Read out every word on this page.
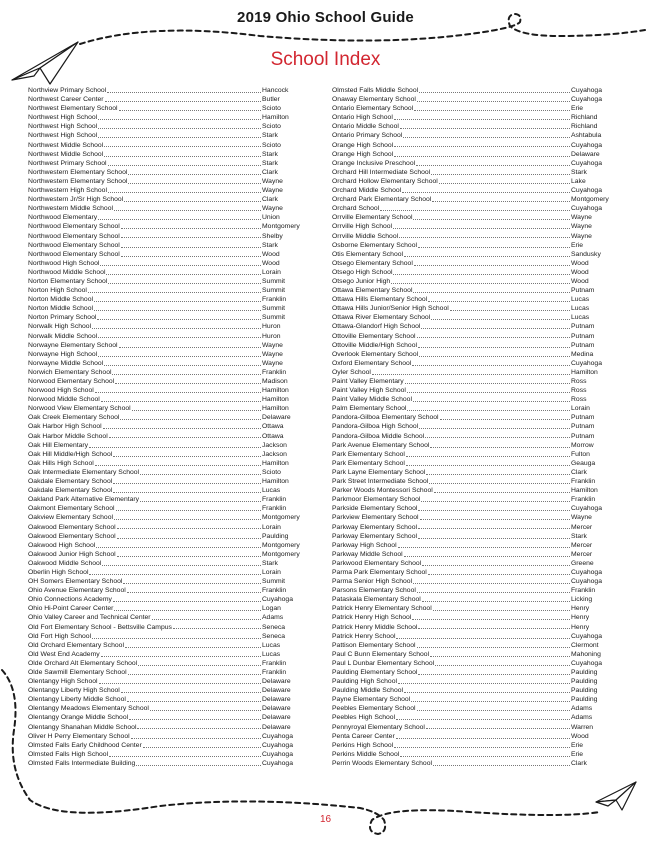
2019 Ohio School Guide
School Index
Northview Primary School	Hancock
Northwest Career Center	Butler
Northwest Elementary School	Scioto
Northwest High School	Hamilton
Northwest High School	Scioto
Northwest High School	Stark
Northwest Middle School	Scioto
Northwest Middle School	Stark
Northwest Primary School	Stark
Northwestern Elementary School	Clark
Northwestern Elementary School	Wayne
Northwestern High School	Wayne
Northwestern Jr/Sr High School	Clark
Northwestern Middle School	Wayne
Northwood Elementary	Union
Northwood Elementary School	Montgomery
Northwood Elementary School	Shelby
Northwood Elementary School	Stark
Northwood Elementary School	Wood
Northwood High School	Wood
Northwood Middle School	Lorain
Norton Elementary School	Summit
Norton High School	Summit
Norton Middle School	Franklin
Norton Middle School	Summit
Norton Primary School	Summit
Norwalk High School	Huron
Norwalk Middle School	Huron
Norwayne Elementary School	Wayne
Norwayne High School	Wayne
Norwayne Middle School	Wayne
Norwich Elementary School	Franklin
Norwood Elementary School	Madison
Norwood High School	Hamilton
Norwood Middle School	Hamilton
Norwood View Elementary School	Hamilton
Oak Creek Elementary School	Delaware
Oak Harbor High School	Ottawa
Oak Harbor Middle School	Ottawa
Oak Hill Elementary	Jackson
Oak Hill Middle/High School	Jackson
Oak Hills High School	Hamilton
Oak Intermediate Elementary School	Scioto
Oakdale Elementary School	Hamilton
Oakdale Elementary School	Lucas
Oakland Park Alternative Elementary	Franklin
Oakmont Elementary School	Franklin
Oakview Elementary School	Montgomery
Oakwood Elementary School	Lorain
Oakwood Elementary School	Paulding
Oakwood High School	Montgomery
Oakwood Junior High School	Montgomery
Oakwood Middle School	Stark
Oberlin High School	Lorain
OH Somers Elementary School	Summit
Ohio Avenue Elementary School	Franklin
Ohio Connections Academy	Cuyahoga
Ohio Hi-Point Career Center	Logan
Ohio Valley Career and Technical Center	Adams
Old Fort Elementary School - Bettsville Campus	Seneca
Old Fort High School	Seneca
Old Orchard Elementary School	Lucas
Old West End Academy	Lucas
Olde Orchard Alt Elementary School	Franklin
Olde Sawmill Elementary School	Franklin
Olentangy High School	Delaware
Olentangy Liberty High School	Delaware
Olentangy Liberty Middle School	Delaware
Olentangy Meadows Elementary School	Delaware
Olentangy Orange Middle School	Delaware
Olentangy Shanahan Middle School	Delaware
Oliver H Perry Elementary School	Cuyahoga
Olmsted Falls Early Childhood Center	Cuyahoga
Olmsted Falls High School	Cuyahoga
Olmsted Falls Intermediate Building	Cuyahoga
Olmsted Falls Middle School	Cuyahoga
Onaway Elementary School	Cuyahoga
Ontario Elementary School	Erie
Ontario High School	Richland
Ontario Middle School	Richland
Ontario Primary School	Ashtabula
Orange High School	Cuyahoga
Orange High School	Delaware
Orange Inclusive Preschool	Cuyahoga
Orchard Hill Intermediate School	Stark
Orchard Hollow Elementary School	Lake
Orchard Middle School	Cuyahoga
Orchard Park Elementary School	Montgomery
Orchard School	Cuyahoga
Orrville Elementary School	Wayne
Orrville High School	Wayne
Orrville Middle School	Wayne
Osborne Elementary School	Erie
Otis Elementary School	Sandusky
Otsego Elementary School	Wood
Otsego High School	Wood
Otsego Junior High	Wood
Ottawa Elementary School	Putnam
Ottawa Hills Elementary School	Lucas
Ottawa Hills Junior/Senior High School	Lucas
Ottawa River Elementary School	Lucas
Ottawa-Glandorf High School	Putnam
Ottoville Elementary School	Putnam
Ottoville Middle/High School	Putnam
Overlook Elementary School	Medina
Oxford Elementary School	Cuyahoga
Oyler School	Hamilton
Paint Valley Elementary	Ross
Paint Valley High School	Ross
Paint Valley Middle School	Ross
Palm Elementary School	Lorain
Pandora-Gilboa Elementary School	Putnam
Pandora-Gilboa High School	Putnam
Pandora-Gilboa Middle School	Putnam
Park Avenue Elementary School	Morrow
Park Elementary School	Fulton
Park Elementary School	Geauga
Park Layne Elementary School	Clark
Park Street Intermediate School	Franklin
Parker Woods Montessori School	Hamilton
Parkmoor Elementary School	Franklin
Parkside Elementary School	Cuyahoga
Parkview Elementary School	Wayne
Parkway Elementary School	Mercer
Parkway Elementary School	Stark
Parkway High School	Mercer
Parkway Middle School	Mercer
Parkwood Elementary School	Greene
Parma Park Elementary School	Cuyahoga
Parma Senior High School	Cuyahoga
Parsons Elementary School	Franklin
Pataskala Elementary School	Licking
Patrick Henry Elementary School	Henry
Patrick Henry High School	Henry
Patrick Henry Middle School	Henry
Patrick Henry School	Cuyahoga
Pattison Elementary School	Clermont
Paul C Bunn Elementary School	Mahoning
Paul L Dunbar Elementary School	Cuyahoga
Paulding Elementary School	Paulding
Paulding High School	Paulding
Paulding Middle School	Paulding
Payne Elementary School	Paulding
Peebles Elementary School	Adams
Peebles High School	Adams
Pennyroyal Elementary School	Warren
Penta Career Center	Wood
Perkins High School	Erie
Perkins Middle School	Erie
Perrin Woods Elementary School	Clark
16
